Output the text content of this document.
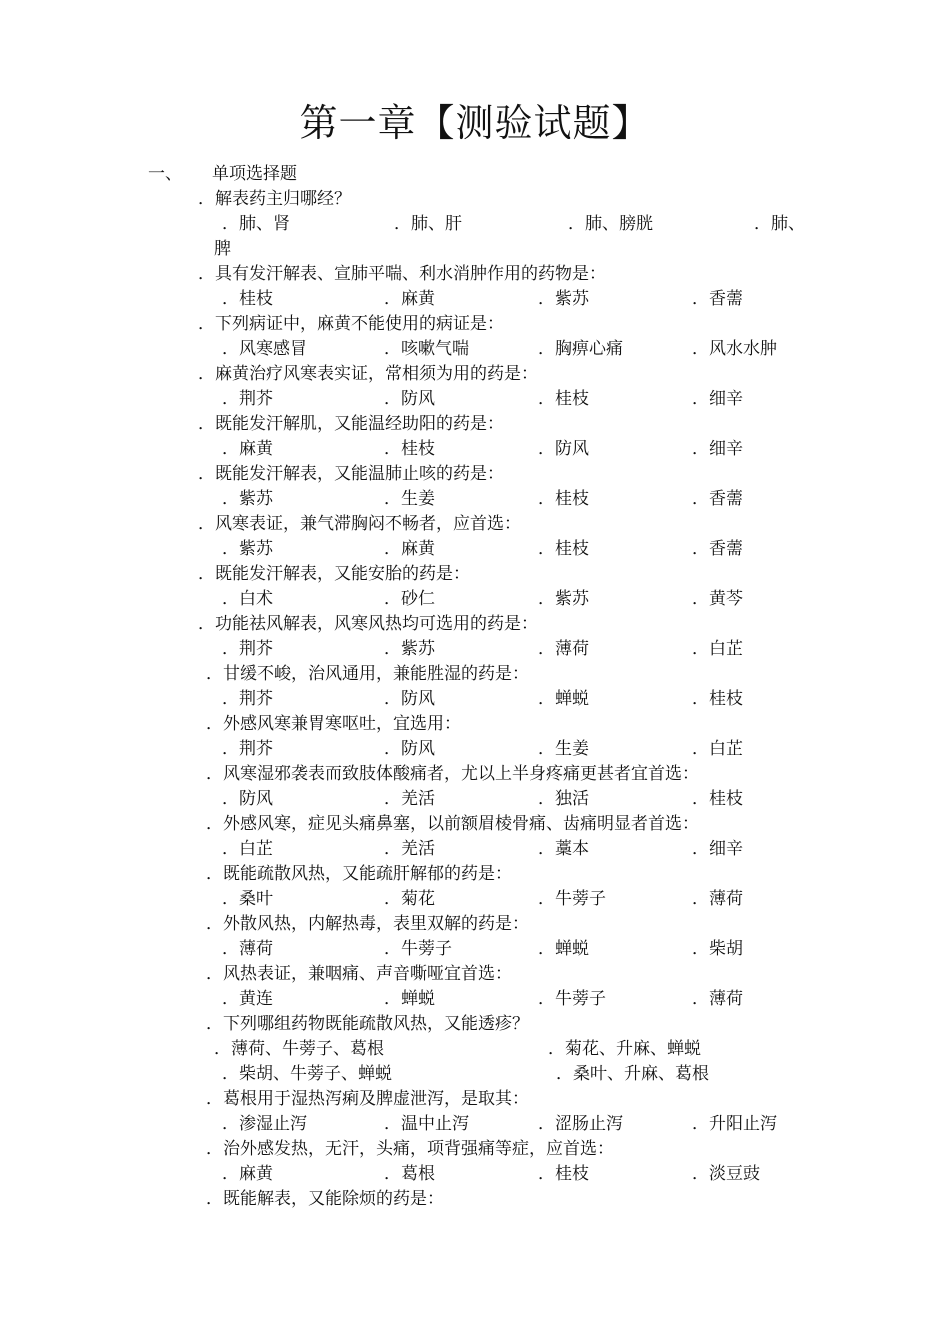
第一章【测验试题】
一、 单项选择题
．解表药主归哪经？
．肺、肾	．肺、肝	．肺、膀胱	．肺、
脾
．具有发汗解表、宣肺平喘、利水消肿作用的药物是：
．桂枝	．麻黄	．紫苏	．香薷
．下列病证中，麻黄不能使用的病证是：
．风寒感冒	．咳嗽气喘	．胸痹心痛	．风水水肿
．麻黄治疗风寒表实证，常相须为用的药是：
．荆芥	．防风	．桂枝	．细辛
．既能发汗解肌，又能温经助阳的药是：
．麻黄	．桂枝	．防风	．细辛
．既能发汗解表，又能温肺止咳的药是：
．紫苏	．生姜	．桂枝	．香薷
．风寒表证，兼气滞胸闷不畅者，应首选：
．紫苏	．麻黄	．桂枝	．香薷
．既能发汗解表，又能安胎的药是：
．白术	．砂仁	．紫苏	．黄芩
．功能祛风解表，风寒风热均可选用的药是：
．荆芥	．紫苏	．薄荷	．白芷
．甘缓不峻，治风通用，兼能胜湿的药是：
．荆芥	．防风	．蝉蜕	．桂枝
．外感风寒兼胃寒呕吐，宜选用：
．荆芥	．防风	．生姜	．白芷
．风寒湿邪袭表而致肢体酸痛者，尤以上半身疼痛更甚者宜首选：
．防风	．羌活	．独活	．桂枝
．外感风寒，症见头痛鼻塞，以前额眉棱骨痛、齿痛明显者首选：
．白芷	．羌活	．藁本	．细辛
．既能疏散风热，又能疏肝解郁的药是：
．桑叶	．菊花	．牛蒡子	．薄荷
．外散风热，内解热毒，表里双解的药是：
．薄荷	．牛蒡子	．蝉蜕	．柴胡
．风热表证，兼咽痛、声音嘶哑宜首选：
．黄连	．蝉蜕	．牛蒡子	．薄荷
．下列哪组药物既能疏散风热，又能透疹？
．薄荷、牛蒡子、葛根	．菊花、升麻、蝉蜕
．柴胡、牛蒡子、蝉蜕	．桑叶、升麻、葛根
．葛根用于湿热泻痢及脾虚泄泻，是取其：
．渗湿止泻	．温中止泻	．涩肠止泻	．升阳止泻
．治外感发热，无汗，头痛，项背强痛等症，应首选：
．麻黄	．葛根	．桂枝	．淡豆豉
．既能解表，又能除烦的药是：
